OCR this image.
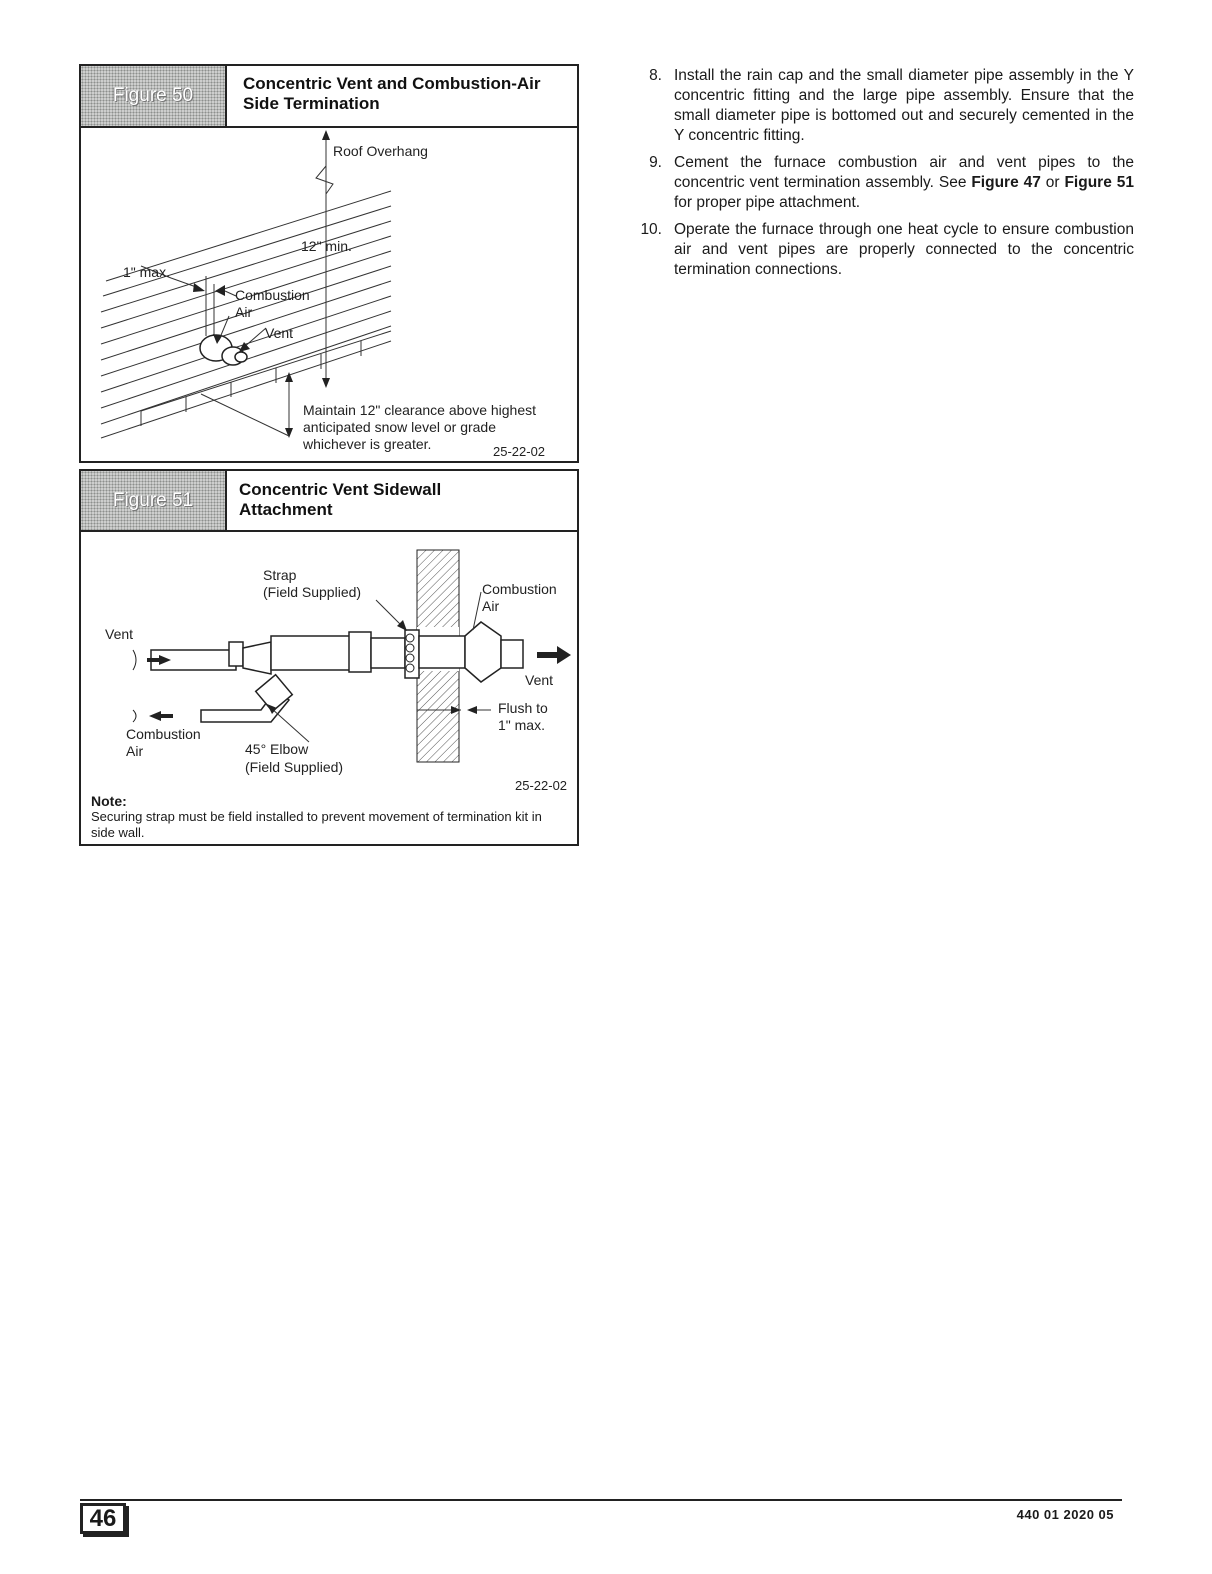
Figure 50
Concentric Vent and Combustion-Air
Side Termination
Roof Overhang
12" min.
1" max.
Combustion
Air
Vent
Maintain 12" clearance above highest
anticipated snow level or grade
whichever is greater.	25-22-02
Figure 51	Concentric Vent Sidewall
Attachment
Strap
(Field Supplied)
Vent
Combustion
Air
Vent
Flush to
1" max.
Combustion
Air	45° Elbow
(Field Supplied)
25-22-02
Note:
Securing strap must be field installed to prevent movement of termination kit in side wall.
8. Install the rain cap and the small diameter pipe assembly in the Y concentric fitting and the large pipe assembly. Ensure that the small diameter pipe is bottomed out and securely cemented in the Y concentric fitting.
9. Cement the furnace combustion air and vent pipes to the concentric vent termination assembly. See Figure 47 or Figure 51 for proper pipe attachment.
10. Operate the furnace through one heat cycle to ensure combustion air and vent pipes are properly connected to the concentric termination connections.
46	440 01 2020 05
